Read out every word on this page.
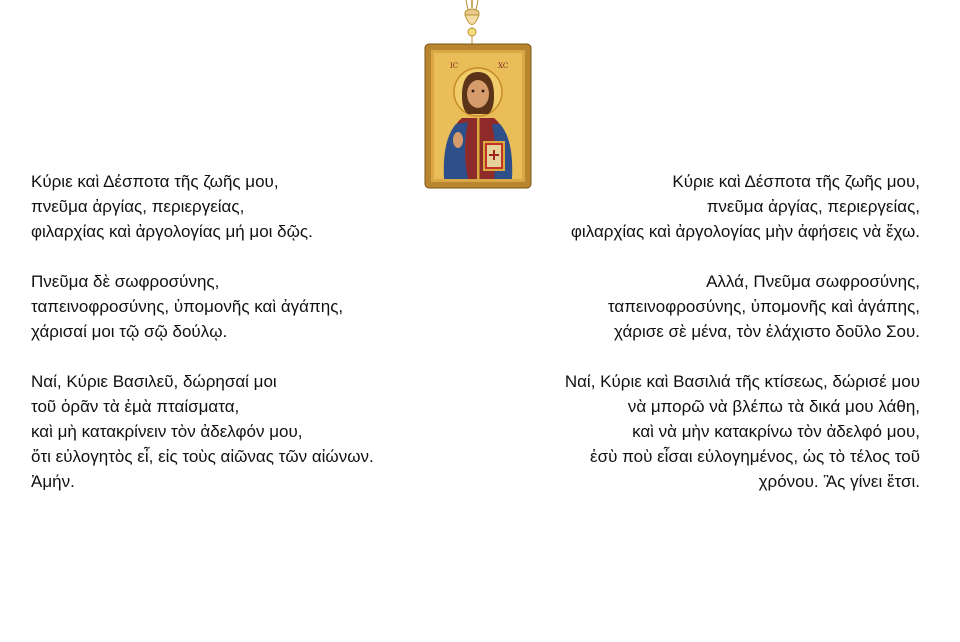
IC	XC
Κύριε καὶ Δέσποτα τῆς ζωῆς μου,
πνεῦμα ἀργίας, περιεργείας,
φιλαρχίας καὶ ἀργολογίας μή μοι δῷς.
Πνεῦμα δὲ σωφροσύνης,
ταπεινοφροσύνης, ὑπομονῆς καὶ ἀγάπης,
χάρισαί μοι τῷ σῷ δούλῳ.
Ναί, Κύριε Βασιλεῦ, δώρησαί μοι
τοῦ ὁρᾶν τὰ ἐμὰ πταίσματα,
καὶ μὴ κατακρίνειν τὸν ἀδελφόν μου,
ὅτι εὐλογητὸς εἶ, εἰς τοὺς αἰῶνας τῶν αἰώνων.
Ἀμήν.
Κύριε καὶ Δέσποτα τῆς ζωῆς μου,
πνεῦμα ἀργίας, περιεργείας,
φιλαρχίας καὶ ἀργολογίας μὴν ἀφήσεις νὰ ἔχω.
Αλλά, Πνεῦμα σωφροσύνης,
ταπεινοφροσύνης, ὑπομονῆς καὶ ἀγάπης,
χάρισε σὲ μένα, τὸν ἐλάχιστο δοῦλο Σου.
Ναί, Κύριε καὶ Βασιλιά τῆς κτίσεως, δώρισέ μου
νὰ μπορῶ νὰ βλέπω τὰ δικά μου λάθη,
καὶ νὰ μὴν κατακρίνω τὸν ἀδελφό μου,
ἐσὺ ποὺ εἶσαι εὐλογημένος, ὡς τὸ τέλος τοῦ
χρόνου. Ἂς γίνει ἔτσι.
